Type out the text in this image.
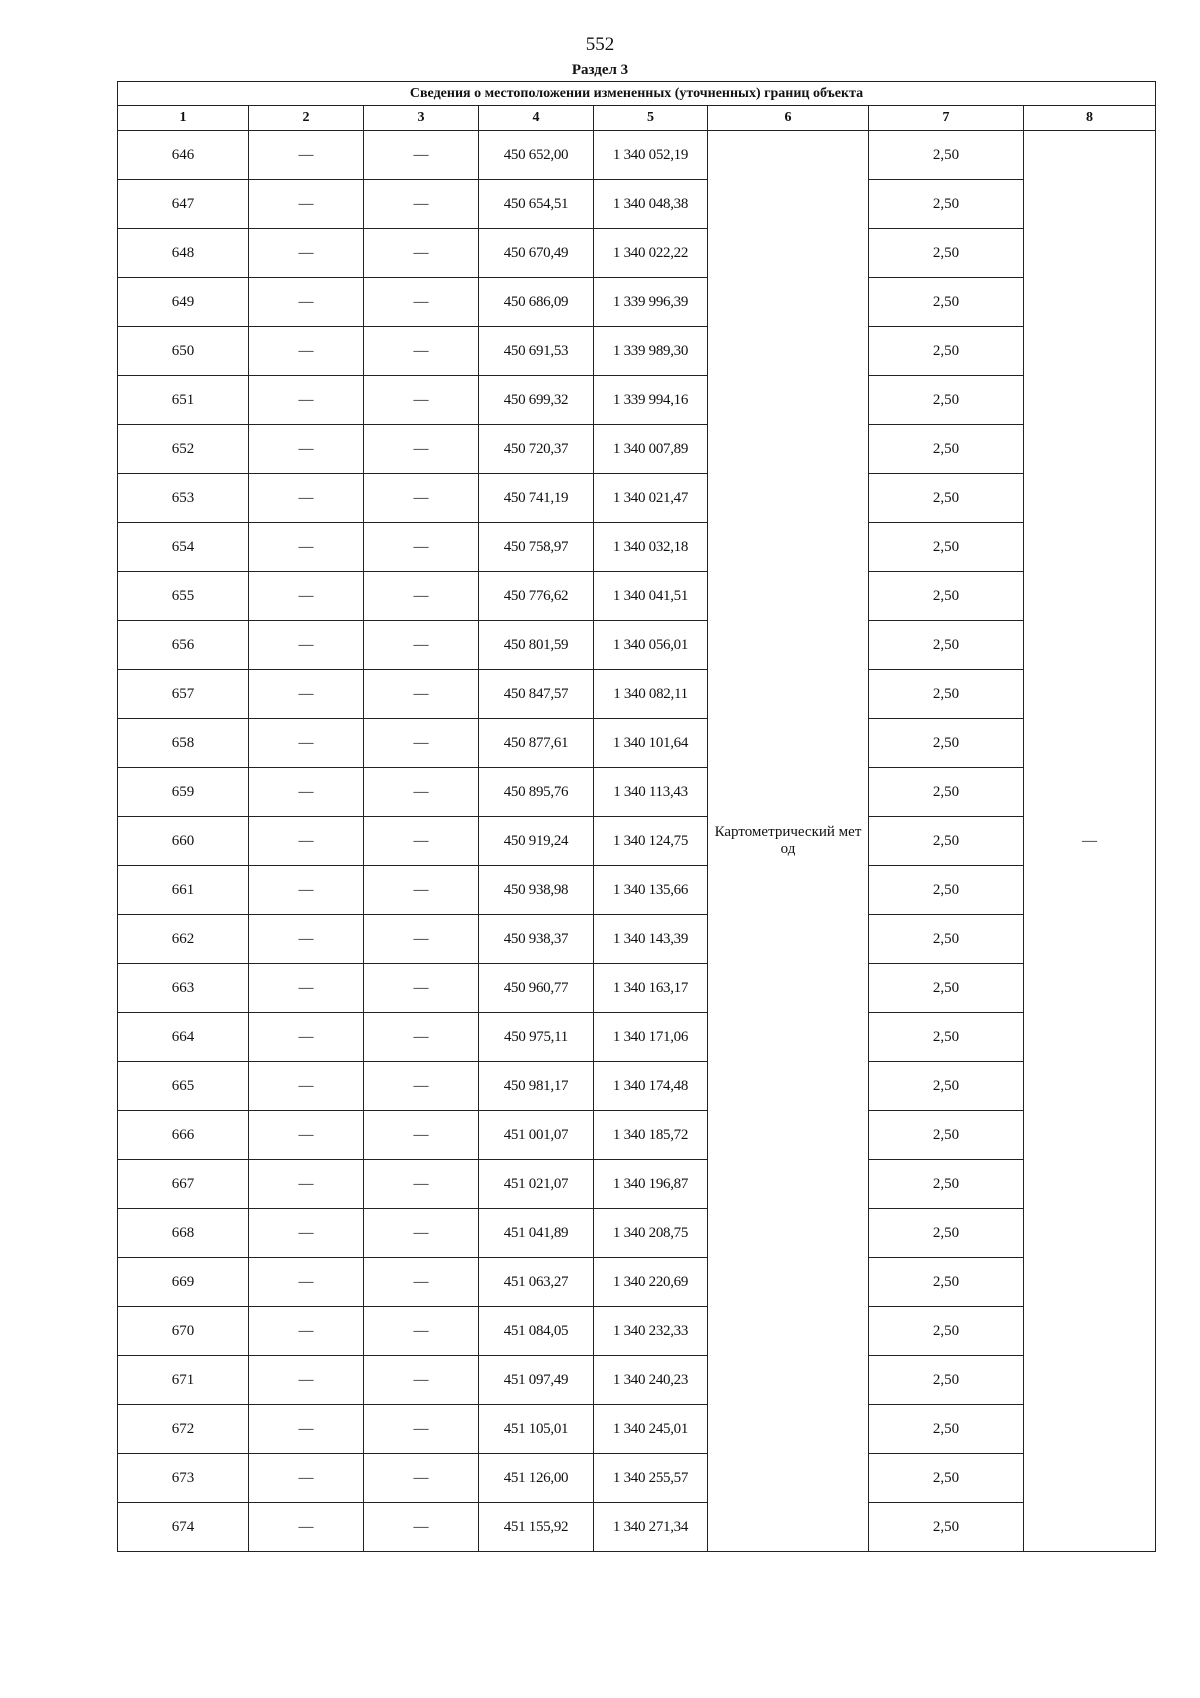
552
Раздел 3
Сведения о местоположении измененных (уточненных) границ объекта							
1	2	3	4	5	6	7	8
646	—	—	450 652,00	1 340 052,19	Картометрический метод	2,50	—
647	—	—	450 654,51	1 340 048,38		2,50	
648	—	—	450 670,49	1 340 022,22		2,50	
649	—	—	450 686,09	1 339 996,39		2,50	
650	—	—	450 691,53	1 339 989,30		2,50	
651	—	—	450 699,32	1 339 994,16		2,50	
652	—	—	450 720,37	1 340 007,89		2,50	
653	—	—	450 741,19	1 340 021,47		2,50	
654	—	—	450 758,97	1 340 032,18		2,50	
655	—	—	450 776,62	1 340 041,51		2,50	
656	—	—	450 801,59	1 340 056,01		2,50	
657	—	—	450 847,57	1 340 082,11		2,50	
658	—	—	450 877,61	1 340 101,64		2,50	
659	—	—	450 895,76	1 340 113,43		2,50	
660	—	—	450 919,24	1 340 124,75		2,50	
661	—	—	450 938,98	1 340 135,66		2,50	
662	—	—	450 938,37	1 340 143,39		2,50	
663	—	—	450 960,77	1 340 163,17		2,50	
664	—	—	450 975,11	1 340 171,06		2,50	
665	—	—	450 981,17	1 340 174,48		2,50	
666	—	—	451 001,07	1 340 185,72		2,50	
667	—	—	451 021,07	1 340 196,87		2,50	
668	—	—	451 041,89	1 340 208,75		2,50	
669	—	—	451 063,27	1 340 220,69		2,50	
670	—	—	451 084,05	1 340 232,33		2,50	
671	—	—	451 097,49	1 340 240,23		2,50	
672	—	—	451 105,01	1 340 245,01		2,50	
673	—	—	451 126,00	1 340 255,57		2,50	
674	—	—	451 155,92	1 340 271,34		2,50	
